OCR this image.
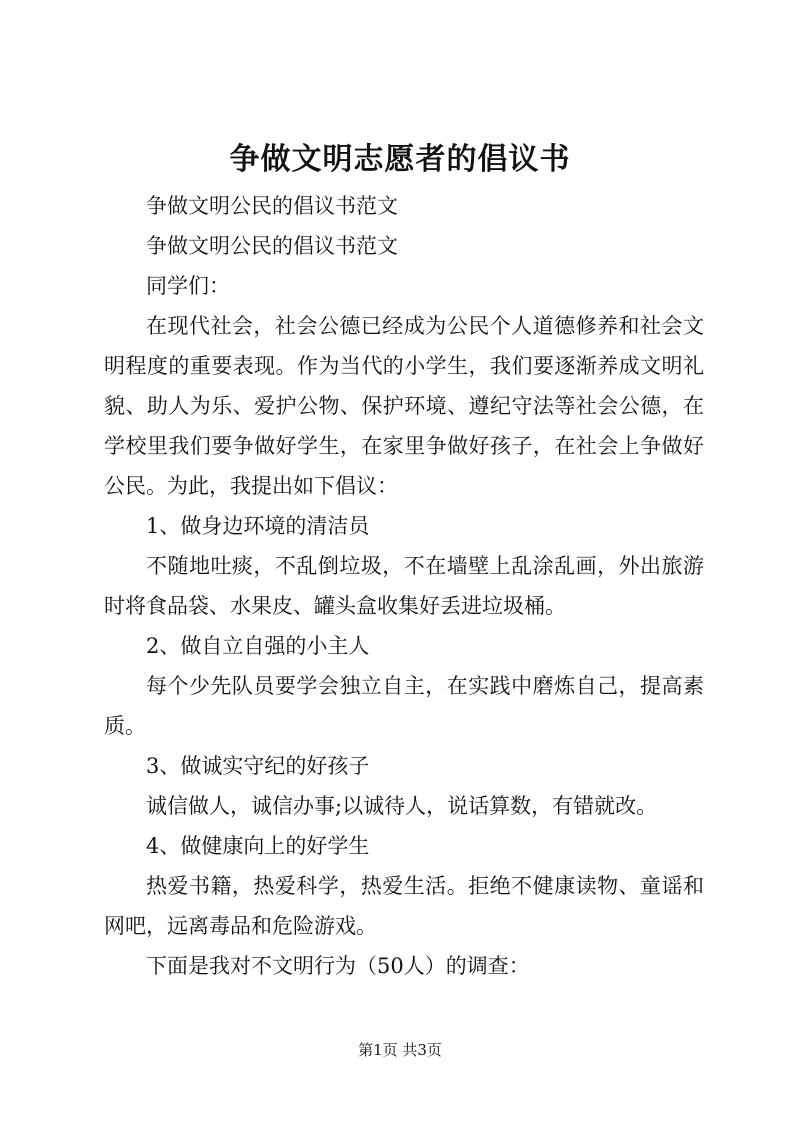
争做文明志愿者的倡议书

争做文明公民的倡议书范文

争做文明公民的倡议书范文

同学们：

在现代社会，社会公德已经成为公民个人道德修养和社会文明程度的重要表现。作为当代的小学生，我们要逐渐养成文明礼貌、助人为乐、爱护公物、保护环境、遵纪守法等社会公德，在学校里我们要争做好学生，在家里争做好孩子，在社会上争做好公民。为此，我提出如下倡议：

1、做身边环境的清洁员

不随地吐痰，不乱倒垃圾，不在墙壁上乱涂乱画，外出旅游时将食品袋、水果皮、罐头盒收集好丢进垃圾桶。

2、做自立自强的小主人

每个少先队员要学会独立自主，在实践中磨炼自己，提高素质。

3、做诚实守纪的好孩子

诚信做人，诚信办事;以诚待人，说话算数，有错就改。

4、做健康向上的好学生

热爱书籍，热爱科学，热爱生活。拒绝不健康读物、童谣和网吧，远离毒品和危险游戏。

下面是我对不文明行为（50人）的调查：

第1页 共3页
